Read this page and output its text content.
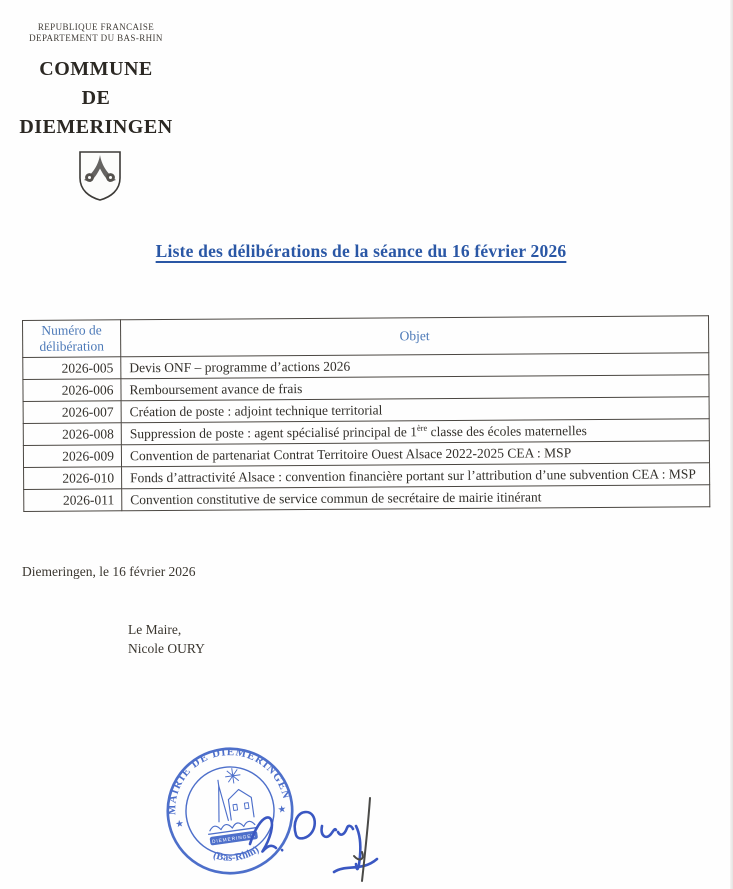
REPUBLIQUE FRANCAISE
DEPARTEMENT DU BAS-RHIN
COMMUNE
DE
DIEMERINGEN
Liste des délibérations de la séance du 16 février 2026
Numéro de délibération	Objet
2026-005	Devis ONF – programme d’actions 2026
2026-006	Remboursement avance de frais
2026-007	Création de poste : adjoint technique territorial
2026-008	Suppression de poste : agent spécialisé principal de 1ère classe des écoles maternelles
2026-009	Convention de partenariat Contrat Territoire Ouest Alsace 2022-2025 CEA : MSP
2026-010	Fonds d’attractivité Alsace : convention financière portant sur l’attribution d’une subvention CEA : MSP
2026-011	Convention constitutive de service commun de secrétaire de mairie itinérant
Diemeringen, le 16 février 2026
Le Maire,
Nicole OURY
MAIRIE DE DIEMERINGEN
(Bas-Rhin)
★
★
DIEMERINGEN
